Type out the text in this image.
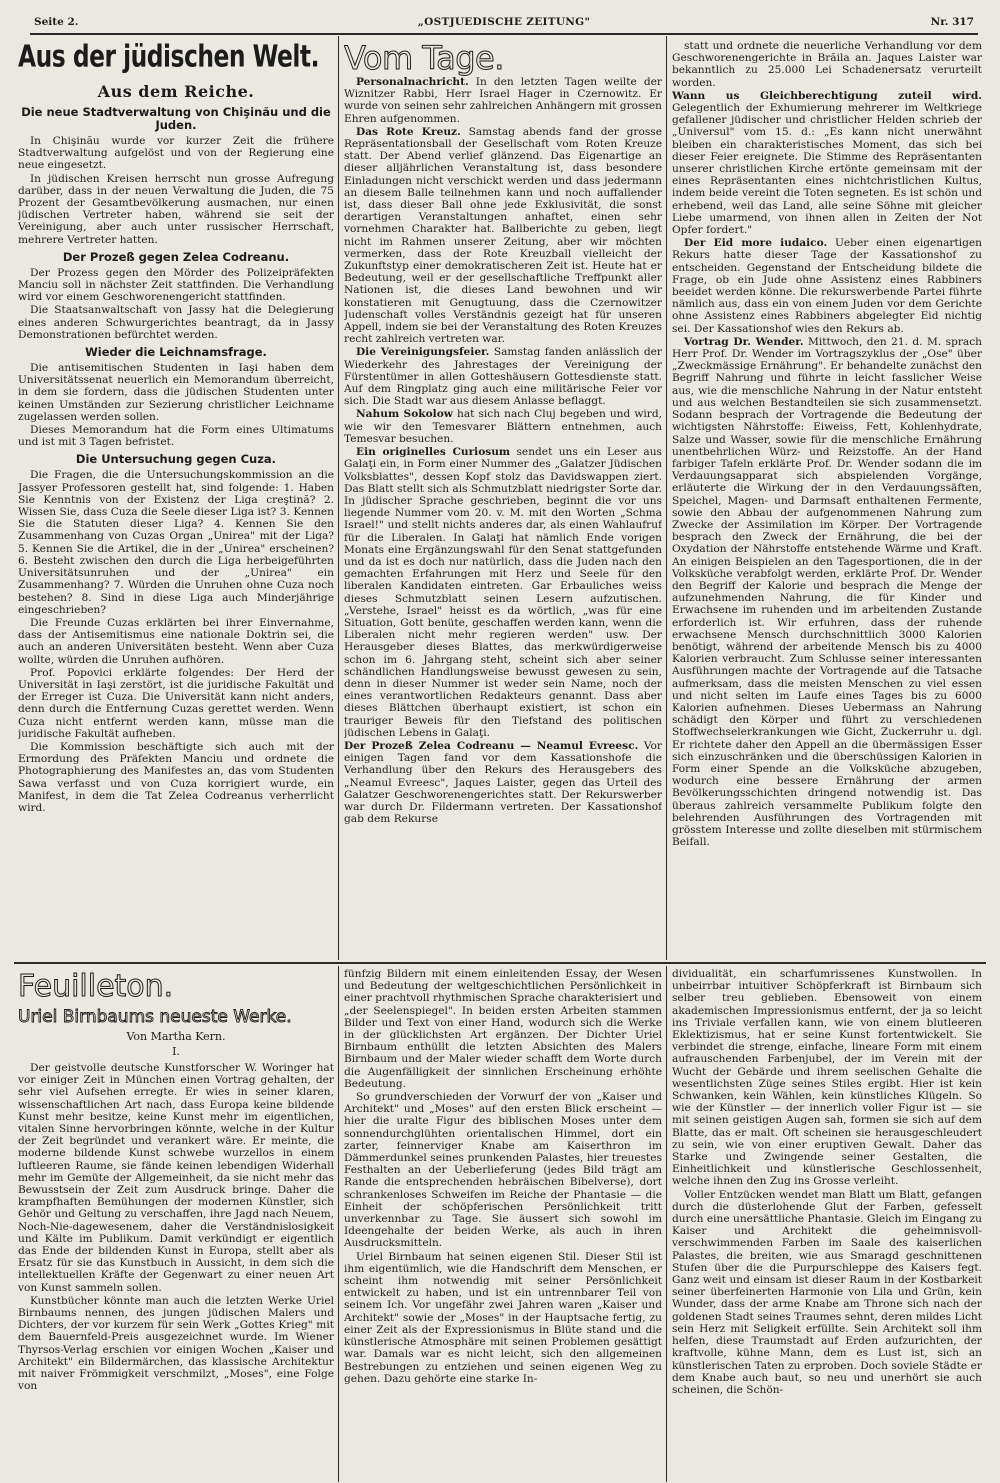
Seite 2.	„OSTJUEDISCHE ZEITUNG"	Nr. 317
Aus der jüdischen Welt.
Aus dem Reiche.
Die neue Stadtverwaltung von Chişinău und die Juden.

In Chişinău wurde vor kurzer Zeit die frühere Stadtverwaltung aufgelöst und von der Regierung eine neue eingesetzt.

In jüdischen Kreisen herrscht nun grosse Aufregung darüber, dass in der neuen Verwaltung die Juden, die 75 Prozent der Gesamtbevölkerung ausmachen, nur einen jüdischen Vertreter haben, während sie seit der Vereinigung, aber auch unter russischer Herrschaft, mehrere Vertreter hatten.

Der Prozeß gegen Zelea Codreanu.

Der Prozess gegen den Mörder des Polizeipräfekten Manciu soll in nächster Zeit stattfinden. Die Verhandlung wird vor einem Geschworenengericht stattfinden.

Die Staatsanwaltschaft von Jassy hat die Delegierung eines anderen Schwurgerichtes beantragt, da in Jassy Demonstrationen befürchtet werden.

Wieder die Leichnamsfrage.

Die antisemitischen Studenten in Iaşi haben dem Universitätssenat neuerlich ein Memorandum überreicht, in dem sie fordern, dass die jüdischen Studenten unter keinen Umständen zur Sezierung christlicher Leichname zugelassen werden sollen.

Dieses Memorandum hat die Form eines Ultimatums und ist mit 3 Tagen befristet.

Die Untersuchung gegen Cuza.

Die Fragen, die die Untersuchungskommission an die Jassyer Professoren gestellt hat, sind folgende: 1. Haben Sie Kenntnis von der Existenz der Liga creştină? 2. Wissen Sie, dass Cuza die Seele dieser Liga ist? 3. Kennen Sie die Statuten dieser Liga? 4. Kennen Sie den Zusammenhang von Cuzas Organ „Unirea" mit der Liga? 5. Kennen Sie die Artikel, die in der „Unirea" erscheinen? 6. Besteht zwischen den durch die Liga herbeigeführten Universitätsunruhen und der „Unirea" ein Zusammenhang? 7. Würden die Unruhen ohne Cuza noch bestehen? 8. Sind in diese Liga auch Minderjährige eingeschrieben?

Die Freunde Cuzas erklärten bei ihrer Einvernahme, dass der Antisemitismus eine nationale Doktrin sei, die auch an anderen Universitäten besteht. Wenn aber Cuza wollte, würden die Unruhen aufhören.

Prof. Popovici erklärte folgendes: Der Herd der Universität in Iaşi zerstört, ist die juridische Fakultät und der Erreger ist Cuza. Die Universität kann nicht anders, denn durch die Entfernung Cuzas gerettet werden. Wenn Cuza nicht entfernt werden kann, müsse man die juridische Fakultät aufheben.

Die Kommission beschäftigte sich auch mit der Ermordung des Präfekten Manciu und ordnete die Photographierung des Manifestes an, das vom Studenten Sawa verfasst und von Cuza korrigiert wurde, ein Manifest, in dem die Tat Zelea Codreanus verherrlicht wird.

Vom Tage.

Personalnachricht. In den letzten Tagen weilte der Wiznitzer Rabbi, Herr Israel Hager in Czernowitz. Er wurde von seinen sehr zahlreichen Anhängern mit grossen Ehren aufgenommen.

Das Rote Kreuz. Samstag abends fand der grosse Repräsentationsball der Gesellschaft vom Roten Kreuze statt. Der Abend verlief glänzend. Das Eigenartige an dieser alljährlichen Veranstaltung ist, dass besondere Einladungen nicht verschickt werden und dass jedermann an diesem Balle teilnehmen kann und noch auffallender ist, dass dieser Ball ohne jede Exklusivität, die sonst derartigen Veranstaltungen anhaftet, einen sehr vornehmen Charakter hat. Ballberichte zu geben, liegt nicht im Rahmen unserer Zeitung, aber wir möchten vermerken, dass der Rote Kreuzball vielleicht der Zukunftstyp einer demokratischeren Zeit ist. Heute hat er Bedeutung, weil er der gesellschaftliche Treffpunkt aller Nationen ist, die dieses Land bewohnen und wir konstatieren mit Genugtuung, dass die Czernowitzer Judenschaft volles Verständnis gezeigt hat für unseren Appell, indem sie bei der Veranstaltung des Roten Kreuzes recht zahlreich vertreten war.

Die Vereinigungsfeier. Samstag fanden anlässlich der Wiederkehr des Jahrestages der Vereinigung der Fürstentümer in allen Gotteshäusern Gottesdienste statt. Auf dem Ringplatz ging auch eine militärische Feier vor sich. Die Stadt war aus diesem Anlasse beflaggt.

Nahum Sokolow hat sich nach Cluj begeben und wird, wie wir den Temesvarer Blättern entnehmen, auch Temesvar besuchen.

Ein originelles Curiosum sendet uns ein Leser aus Galaţi ein, in Form einer Nummer des „Galatzer Jüdischen Volksblattes", dessen Kopf stolz das Davidswappen ziert. Das Blatt stellt sich als Schmutzblatt niedrigster Sorte dar. In jüdischer Sprache geschrieben, beginnt die vor uns liegende Nummer vom 20. v. M. mit den Worten „Schma Israel!" und stellt nichts anderes dar, als einen Wahlaufruf für die Liberalen. In Galaţi hat nämlich Ende vorigen Monats eine Ergänzungswahl für den Senat stattgefunden und da ist es doch nur natürlich, dass die Juden nach den gemachten Erfahrungen mit Herz und Seele für den liberalen Kandidaten eintreten. Gar Erbauliches weiss dieses Schmutzblatt seinen Lesern aufzutischen. „Verstehe, Israel" heisst es da wörtlich, „was für eine Situation, Gott benüte, geschaffen werden kann, wenn die Liberalen nicht mehr regieren werden" usw. Der Herausgeber dieses Blattes, das merkwürdigerweise schon im 6. Jahrgang steht, scheint sich aber seiner schändlichen Handlungsweise bewusst gewesen zu sein, denn in dieser Nummer ist weder sein Name, noch der eines verantwortlichen Redakteurs genannt. Dass aber dieses Blättchen überhaupt existiert, ist schon ein trauriger Beweis für den Tiefstand des politischen jüdischen Lebens in Galaţi.

Der Prozeß Zelea Codreanu — Neamul Evreesc. Vor einigen Tagen fand vor dem Kassationshofe die Verhandlung über den Rekurs des Herausgebers des „Neamul Evreesc", Jaques Laister, gegen das Urteil des Galatzer Geschworenengerichtes statt. Der Rekurswerber war durch Dr. Fildermann vertreten. Der Kassationshof gab dem Rekurse

statt und ordnete die neuerliche Verhandlung vor dem Geschworenengerichte in Brăila an. Jaques Laister war bekanntlich zu 25.000 Lei Schadenersatz verurteilt worden.

Wann us Gleichberechtigung zuteil wird. Gelegentlich der Exhumierung mehrerer im Weltkriege gefallener jüdischer und christlicher Helden schrieb der „Universul" vom 15. d.: „Es kann nicht unerwähnt bleiben ein charakteristisches Moment, das sich bei dieser Feier ereignete. Die Stimme des Repräsentanten unserer christlichen Kirche ertönte gemeinsam mit der eines Repräsentanten eines nichtchristlichen Kultus, indem beide vereint die Toten segneten. Es ist schön und erhebend, weil das Land, alle seine Söhne mit gleicher Liebe umarmend, von ihnen allen in Zeiten der Not Opfer fordert."

Der Eid more iudaico. Ueber einen eigenartigen Rekurs hatte dieser Tage der Kassationshof zu entscheiden. Gegenstand der Entscheidung bildete die Frage, ob ein Jude ohne Assistenz eines Rabbiners beeidet werden könne. Die rekurswerbende Partei führte nämlich aus, dass ein von einem Juden vor dem Gerichte ohne Assistenz eines Rabbiners abgelegter Eid nichtig sei. Der Kassationshof wies den Rekurs ab.

Vortrag Dr. Wender. Mittwoch, den 21. d. M. sprach Herr Prof. Dr. Wender im Vortragszyklus der „Ose" über „Zweckmässige Ernährung". Er behandelte zunächst den Begriff Nahrung und führte in leicht fasslicher Weise aus, wie die menschliche Nahrung in der Natur entsteht und aus welchen Bestandteilen sie sich zusammensetzt. Sodann besprach der Vortragende die Bedeutung der wichtigsten Nährstoffe: Eiweiss, Fett, Kohlenhydrate, Salze und Wasser, sowie für die menschliche Ernährung unentbehrlichen Würz- und Reizstoffe. An der Hand farbiger Tafeln erklärte Prof. Dr. Wender sodann die im Verdauungsapparat sich abspielenden Vorgänge, erläuterte die Wirkung der in den Verdauungssäften, Speichel, Magen- und Darmsaft enthaltenen Fermente, sowie den Abbau der aufgenommenen Nahrung zum Zwecke der Assimilation im Körper. Der Vortragende besprach den Zweck der Ernährung, die bei der Oxydation der Nährstoffe entstehende Wärme und Kraft. An einigen Beispielen an den Tagesportionen, die in der Volksküche verabfolgt werden, erklärte Prof. Dr. Wender den Begriff der Kalorie und besprach die Menge der aufzunehmenden Nahrung, die für Kinder und Erwachsene im ruhenden und im arbeitenden Zustande erforderlich ist. Wir erfuhren, dass der ruhende erwachsene Mensch durchschnittlich 3000 Kalorien benötigt, während der arbeitende Mensch bis zu 4000 Kalorien verbraucht. Zum Schlusse seiner interessanten Ausführungen machte der Vortragende auf die Tatsache aufmerksam, dass die meisten Menschen zu viel essen und nicht selten im Laufe eines Tages bis zu 6000 Kalorien aufnehmen. Dieses Uebermass an Nahrung schädigt den Körper und führt zu verschiedenen Stoffwechselerkrankungen wie Gicht, Zuckerruhr u. dgl. Er richtete daher den Appell an die übermässigen Esser sich einzuschränken und die überschüssigen Kalorien in Form einer Spende an die Volksküche abzugeben, wodurch eine bessere Ernährung der armen Bevölkerungsschichten dringend notwendig ist. Das überaus zahlreich versammelte Publikum folgte den belehrenden Ausführungen des Vortragenden mit grösstem Interesse und zollte dieselben mit stürmischem Beifall.

Feuilleton.
Uriel Birnbaums neueste Werke.
Von Martha Kern.
I.

Der geistvolle deutsche Kunstforscher W. Woringer hat vor einiger Zeit in München einen Vortrag gehalten, der sehr viel Aufsehen erregte. Er wies in seiner klaren, wissenschaftlichen Art nach, dass Europa keine bildende Kunst mehr besitze, keine Kunst mehr im eigentlichen, vitalen Sinne hervorbringen könnte, welche in der Kultur der Zeit begründet und verankert wäre. Er meinte, die moderne bildende Kunst schwebe wurzellos in einem luftleeren Raume, sie fände keinen lebendigen Widerhall mehr im Gemüte der Allgemeinheit, da sie nicht mehr das Bewusstsein der Zeit zum Ausdruck bringe. Daher die krampfhaften Bemühungen der modernen Künstler, sich Gehör und Geltung zu verschaffen, ihre Jagd nach Neuem, Noch-Nie-dagewesenem, daher die Verständnislosigkeit und Kälte im Publikum. Damit verkündigt er eigentlich das Ende der bildenden Kunst in Europa, stellt aber als Ersatz für sie das Kunstbuch in Aussicht, in dem sich die intellektuellen Kräfte der Gegenwart zu einer neuen Art von Kunst sammeln sollen.

Kunstbücher könnte man auch die letzten Werke Uriel Birnbaums nennen, des jungen jüdischen Malers und Dichters, der vor kurzem für sein Werk „Gottes Krieg" mit dem Bauernfeld-Preis ausgezeichnet wurde. Im Wiener Thyrsos-Verlag erschien vor einigen Wochen „Kaiser und Architekt" ein Bildermärchen, das klassische Architektur mit naiver Frömmigkeit verschmilzt, „Moses", eine Folge von

fünfzig Bildern mit einem einleitenden Essay, der Wesen und Bedeutung der weltgeschichtlichen Persönlichkeit in einer prachtvoll rhythmischen Sprache charakterisiert und „der Seelenspiegel". In beiden ersten Arbeiten stammen Bilder und Text von einer Hand, wodurch sich die Werke in der glücklichsten Art ergänzen. Der Dichter Uriel Birnbaum enthüllt die letzten Absichten des Malers Birnbaum und der Maler wieder schafft dem Worte durch die Augenfälligkeit der sinnlichen Erscheinung erhöhte Bedeutung.

So grundverschieden der Vorwurf der von „Kaiser und Architekt" und „Moses" auf den ersten Blick erscheint — hier die uralte Figur des biblischen Moses unter dem sonnendurchglühten orientalischen Himmel, dort ein zarter, feinnerviger Knabe am Kaiserthron im Dämmerdunkel seines prunkenden Palastes, hier treuestes Festhalten an der Ueberlieferung (jedes Bild trägt am Rande die entsprechenden hebräischen Bibelverse), dort schrankenloses Schweifen im Reiche der Phantasie — die Einheit der schöpferischen Persönlichkeit tritt unverkennbar zu Tage. Sie äussert sich sowohl im Ideengehalte der beiden Werke, als auch in ihren Ausdrucksmitteln.

Uriel Birnbaum hat seinen eigenen Stil. Dieser Stil ist ihm eigentümlich, wie die Handschrift dem Menschen, er scheint ihm notwendig mit seiner Persönlichkeit entwickelt zu haben, und ist ein untrennbarer Teil von seinem Ich. Vor ungefähr zwei Jahren waren „Kaiser und Architekt" sowie der „Moses" in der Hauptsache fertig, zu einer Zeit als der Expressionismus in Blüte stand und die künstlerische Atmosphäre mit seinen Problemen gesättigt war. Damals war es nicht leicht, sich den allgemeinen Bestrebungen zu entziehen und seinen eigenen Weg zu gehen. Dazu gehörte eine starke In-

dividualität, ein scharfumrissenes Kunstwollen. In unbeirrbar intuitiver Schöpferkraft ist Birnbaum sich selber treu geblieben. Ebensoweit von einem akademischen Impressionismus entfernt, der ja so leicht ins Triviale verfallen kann, wie von einem blutleeren Eklektizismus, hat er seine Kunst fortentwickelt. Sie verbindet die strenge, einfache, lineare Form mit einem aufrauschenden Farbenjubel, der im Verein mit der Wucht der Gebärde und ihrem seelischen Gehalte die wesentlichsten Züge seines Stiles ergibt. Hier ist kein Schwanken, kein Wählen, kein künstliches Klügeln. So wie der Künstler — der innerlich voller Figur ist — sie mit seinen geistigen Augen sah, formen sie sich auf dem Blatte, das er malt. Oft scheinen sie herausgeschleudert zu sein, wie von einer eruptiven Gewalt. Daher das Starke und Zwingende seiner Gestalten, die Einheitlichkeit und künstlerische Geschlossenheit, welche ihnen den Zug ins Grosse verleiht.

Voller Entzücken wendet man Blatt um Blatt, gefangen durch die düsterlohende Glut der Farben, gefesselt durch eine unersättliche Phantasie. Gleich im Eingang zu Kaiser und Architekt die geheimnisvoll-verschwimmenden Farben im Saale des kaiserlichen Palastes, die breiten, wie aus Smaragd geschnittenen Stufen über die die Purpurschleppe des Kaisers fegt. Ganz weit und einsam ist dieser Raum in der Kostbarkeit seiner überfeinerten Harmonie von Lila und Grün, kein Wunder, dass der arme Knabe am Throne sich nach der goldenen Stadt seines Traumes sehnt, deren mildes Licht sein Herz mit Seligkeit erfüllte. Sein Architekt soll ihm helfen, diese Traumstadt auf Erden aufzurichten, der kraftvolle, kühne Mann, dem es Lust ist, sich an künstlerischen Taten zu erproben. Doch soviele Städte er dem Knabe auch baut, so neu und unerhört sie auch scheinen, die Schön-
